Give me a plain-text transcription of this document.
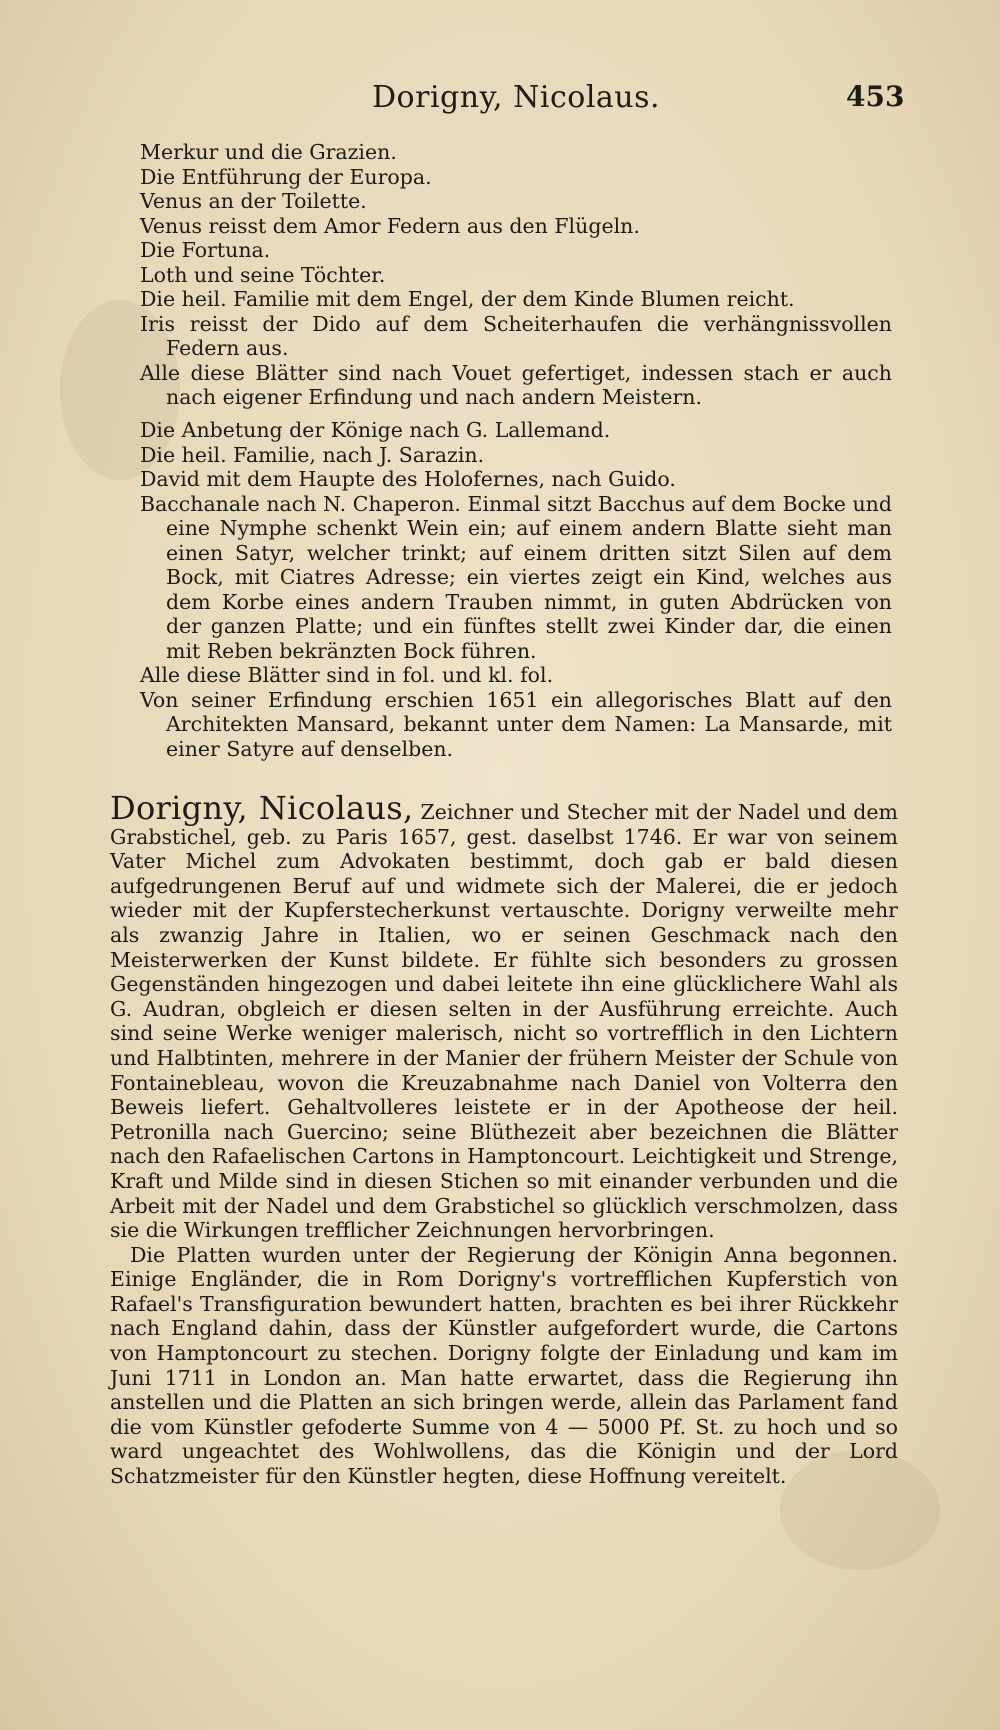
Dorigny, Nicolaus.	453
Merkur und die Grazien.
Die Entführung der Europa.
Venus an der Toilette.
Venus reisst dem Amor Federn aus den Flügeln.
Die Fortuna.
Loth und seine Töchter.
Die heil. Familie mit dem Engel, der dem Kinde Blumen reicht.

Iris reisst der Dido auf dem Scheiterhaufen die verhängnissvollen Federn aus.

Alle diese Blätter sind nach Vouet gefertiget, indessen stach er auch nach eigener Erfindung und nach andern Meistern.

Die Anbetung der Könige nach G. Lallemand.
Die heil. Familie, nach J. Sarazin.
David mit dem Haupte des Holofernes, nach Guido.

Bacchanale nach N. Chaperon. Einmal sitzt Bacchus auf dem Bocke und eine Nymphe schenkt Wein ein; auf einem andern Blatte sieht man einen Satyr, welcher trinkt; auf einem dritten sitzt Silen auf dem Bock, mit Ciatres Adresse; ein viertes zeigt ein Kind, welches aus dem Korbe eines andern Trauben nimmt, in guten Abdrücken von der ganzen Platte; und ein fünftes stellt zwei Kinder dar, die einen mit Reben bekränzten Bock führen.

Alle diese Blätter sind in fol. und kl. fol.

Von seiner Erfindung erschien 1651 ein allegorisches Blatt auf den Architekten Mansard, bekannt unter dem Namen: La Mansarde, mit einer Satyre auf denselben.

Dorigny, Nicolaus, Zeichner und Stecher mit der Nadel und dem Grabstichel, geb. zu Paris 1657, gest. daselbst 1746. Er war von seinem Vater Michel zum Advokaten bestimmt, doch gab er bald diesen aufgedrungenen Beruf auf und widmete sich der Malerei, die er jedoch wieder mit der Kupferstecherkunst vertauschte. Dorigny verweilte mehr als zwanzig Jahre in Italien, wo er seinen Geschmack nach den Meisterwerken der Kunst bildete. Er fühlte sich besonders zu grossen Gegenständen hingezogen und dabei leitete ihn eine glücklichere Wahl als G. Audran, obgleich er diesen selten in der Ausführung erreichte. Auch sind seine Werke weniger malerisch, nicht so vortrefflich in den Lichtern und Halbtinten, mehrere in der Manier der frühern Meister der Schule von Fontainebleau, wovon die Kreuzabnahme nach Daniel von Volterra den Beweis liefert. Gehaltvolleres leistete er in der Apotheose der heil. Petronilla nach Guercino; seine Blüthezeit aber bezeichnen die Blätter nach den Rafaelischen Cartons in Hamptoncourt. Leichtigkeit und Strenge, Kraft und Milde sind in diesen Stichen so mit einander verbunden und die Arbeit mit der Nadel und dem Grabstichel so glücklich verschmolzen, dass sie die Wirkungen trefflicher Zeichnungen hervorbringen.

Die Platten wurden unter der Regierung der Königin Anna begonnen. Einige Engländer, die in Rom Dorigny's vortrefflichen Kupferstich von Rafael's Transfiguration bewundert hatten, brachten es bei ihrer Rückkehr nach England dahin, dass der Künstler aufgefordert wurde, die Cartons von Hamptoncourt zu stechen. Dorigny folgte der Einladung und kam im Juni 1711 in London an. Man hatte erwartet, dass die Regierung ihn anstellen und die Platten an sich bringen werde, allein das Parlament fand die vom Künstler gefoderte Summe von 4 — 5000 Pf. St. zu hoch und so ward ungeachtet des Wohlwollens, das die Königin und der Lord Schatzmeister für den Künstler hegten, diese Hoffnung vereitelt.
